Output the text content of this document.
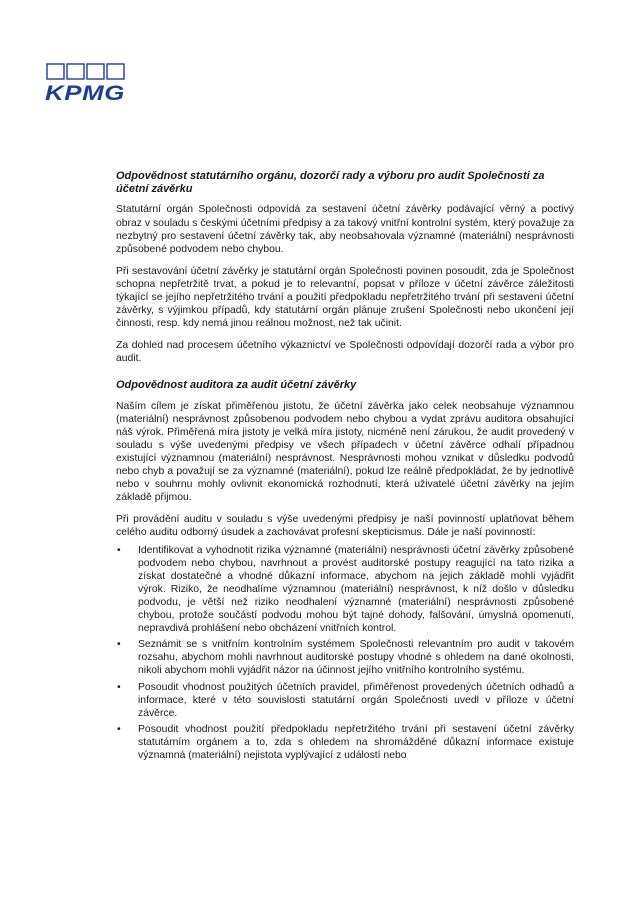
KPMG
Odpovědnost statutárního orgánu, dozorčí rady a výboru pro audit Společnosti za účetní závěrku

Statutární orgán Společnosti odpovídá za sestavení účetní závěrky podávající věrný a poctivý obraz v souladu s českými účetními předpisy a za takový vnitřní kontrolní systém, který považuje za nezbytný pro sestavení účetní závěrky tak, aby neobsahovala významné (materiální) nesprávnosti způsobené podvodem nebo chybou.

Při sestavování účetní závěrky je statutární orgán Společnosti povinen posoudit, zda je Společnost schopna nepřetržitě trvat, a pokud je to relevantní, popsat v příloze v účetní závěrce záležitosti týkající se jejího nepřetržitého trvání a použití předpokladu nepřetržitého trvání při sestavení účetní závěrky, s výjimkou případů, kdy statutární orgán plánuje zrušení Společnosti nebo ukončení její činnosti, resp. kdy nemá jinou reálnou možnost, než tak učinit.

Za dohled nad procesem účetního výkaznictví ve Společnosti odpovídají dozorčí rada a výbor pro audit.

Odpovědnost auditora za audit účetní závěrky

Naším cílem je získat přiměřenou jistotu, že účetní závěrka jako celek neobsahuje významnou (materiální) nesprávnost způsobenou podvodem nebo chybou a vydat zprávu auditora obsahující náš výrok. Přiměřená míra jistoty je velká míra jistoty, nicméně není zárukou, že audit provedený v souladu s výše uvedenými předpisy ve všech případech v účetní závěrce odhalí případnou existující významnou (materiální) nesprávnost. Nesprávnosti mohou vznikat v důsledku podvodů nebo chyb a považují se za významné (materiální), pokud lze reálně předpokládat, že by jednotlivě nebo v souhrnu mohly ovlivnit ekonomická rozhodnutí, která uživatelé účetní závěrky na jejím základě přijmou.

Při provádění auditu v souladu s výše uvedenými předpisy je naší povinností uplatňovat během celého auditu odborný úsudek a zachovávat profesní skepticismus. Dále je naší povinností:

• Identifikovat a vyhodnotit rizika významné (materiální) nesprávnosti účetní závěrky způsobené podvodem nebo chybou, navrhnout a provést auditorské postupy reagující na tato rizika a získat dostatečné a vhodné důkazní informace, abychom na jejich základě mohli vyjádřit výrok. Riziko, že neodhalíme významnou (materiální) nesprávnost, k níž došlo v důsledku podvodu, je větší než riziko neodhalení významné (materiální) nesprávnosti způsobené chybou, protože součástí podvodu mohou být tajné dohody, falšování, úmyslná opomenutí, nepravdivá prohlášení nebo obcházení vnitřních kontrol.
• Seznámit se s vnitřním kontrolním systémem Společnosti relevantním pro audit v takovém rozsahu, abychom mohli navrhnout auditorské postupy vhodné s ohledem na dané okolnosti, nikoli abychom mohli vyjádřit názor na účinnost jejího vnitřního kontrolního systému.
• Posoudit vhodnost použitých účetních pravidel, přiměřenost provedených účetních odhadů a informace, které v této souvislosti statutární orgán Společnosti uvedl v příloze v účetní závěrce.
• Posoudit vhodnost použití předpokladu nepřetržitého trvání při sestavení účetní závěrky statutárním orgánem a to, zda s ohledem na shromážděné důkazní informace existuje významná (materiální) nejistota vyplývající z událostí nebo
